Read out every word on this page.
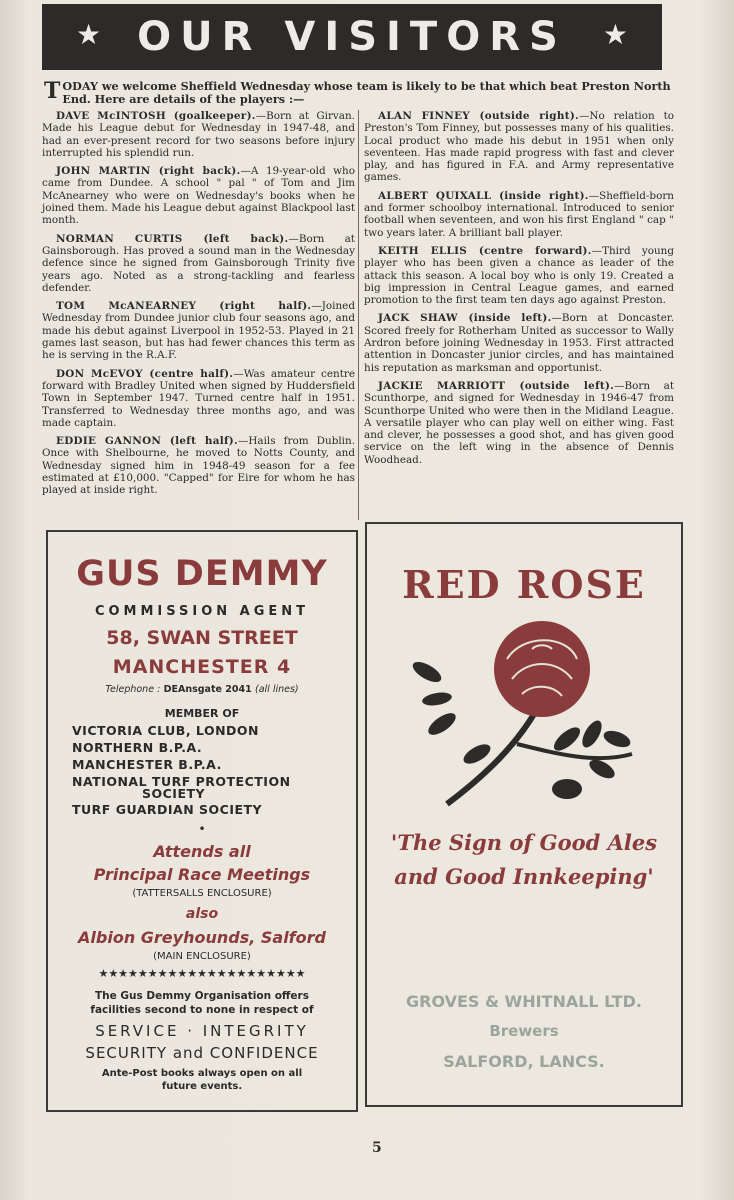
★ OUR VISITORS ★
TODAY we welcome Sheffield Wednesday whose team is likely to be that which beat Preston North End. Here are details of the players :—
DAVE McINTOSH (goalkeeper).—Born at Girvan. Made his League debut for Wednesday in 1947-48, and had an ever-present record for two seasons before injury interrupted his splendid run.
JOHN MARTIN (right back).—A 19-year-old who came from Dundee. A school " pal " of Tom and Jim McAnearney who were on Wednesday's books when he joined them. Made his League debut against Blackpool last month.
NORMAN CURTIS (left back).—Born at Gainsborough. Has proved a sound man in the Wednesday defence since he signed from Gainsborough Trinity five years ago. Noted as a strong-tackling and fearless defender.
TOM McANEARNEY (right half).—Joined Wednesday from Dundee junior club four seasons ago, and made his debut against Liverpool in 1952-53. Played in 21 games last season, but has had fewer chances this term as he is serving in the R.A.F.
DON McEVOY (centre half).—Was amateur centre forward with Bradley United when signed by Huddersfield Town in September 1947. Turned centre half in 1951. Transferred to Wednesday three months ago, and was made captain.
EDDIE GANNON (left half).—Hails from Dublin. Once with Shelbourne, he moved to Notts County, and Wednesday signed him in 1948-49 season for a fee estimated at £10,000. "Capped" for Eire for whom he has played at inside right.
ALAN FINNEY (outside right).—No relation to Preston's Tom Finney, but possesses many of his qualities. Local product who made his debut in 1951 when only seventeen. Has made rapid progress with fast and clever play, and has figured in F.A. and Army representative games.
ALBERT QUIXALL (inside right).—Sheffield-born and former schoolboy international. Introduced to senior football when seventeen, and won his first England " cap " two years later. A brilliant ball player.
KEITH ELLIS (centre forward).—Third young player who has been given a chance as leader of the attack this season. A local boy who is only 19. Created a big impression in Central League games, and earned promotion to the first team ten days ago against Preston.
JACK SHAW (inside left).—Born at Doncaster. Scored freely for Rotherham United as successor to Wally Ardron before joining Wednesday in 1953. First attracted attention in Doncaster junior circles, and has maintained his reputation as marksman and opportunist.
JACKIE MARRIOTT (outside left).—Born at Scunthorpe, and signed for Wednesday in 1946-47 from Scunthorpe United who were then in the Midland League. A versatile player who can play well on either wing. Fast and clever, he possesses a good shot, and has given good service on the left wing in the absence of Dennis Woodhead.
GUS DEMMY
COMMISSION AGENT
58, SWAN STREET
MANCHESTER 4
Telephone : DEAnsgate 2041 (all lines)
MEMBER OF
VICTORIA CLUB, LONDON
NORTHERN B.P.A.
MANCHESTER B.P.A.
NATIONAL TURF PROTECTION
SOCIETY
TURF GUARDIAN SOCIETY
•
Attends all
Principal Race Meetings
(TATTERSALLS ENCLOSURE)
also
Albion Greyhounds, Salford
(MAIN ENCLOSURE)
★★★★★★★★★★★★★★★★★★★★★
The Gus Demmy Organisation offers
facilities second to none in respect of
SERVICE · INTEGRITY
SECURITY and CONFIDENCE
Ante-Post books always open on all
future events.
RED ROSE
'The Sign of Good Ales
and Good Innkeeping'
GROVES & WHITNALL LTD.
Brewers
SALFORD, LANCS.
5
